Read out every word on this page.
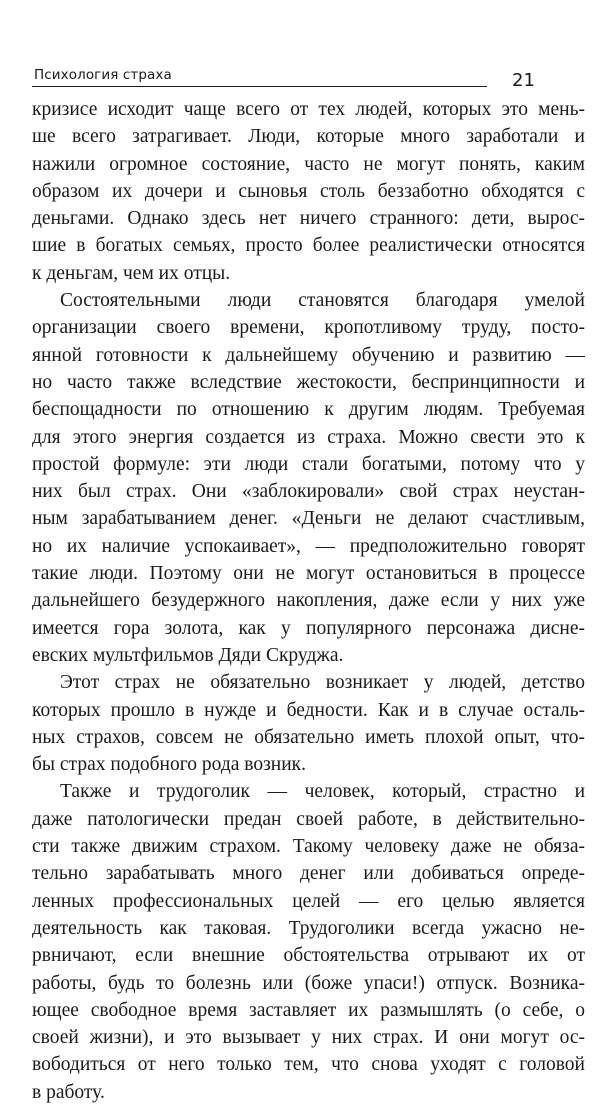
Психология страха	21
кризисе исходит чаще всего от тех людей, которых это мень-
ше всего затрагивает. Люди, которые много заработали и
нажили огромное состояние, часто не могут понять, каким
образом их дочери и сыновья столь беззаботно обходятся с
деньгами. Однако здесь нет ничего странного: дети, вырос-
шие в богатых семьях, просто более реалистически относятся
к деньгам, чем их отцы.
Состоятельными люди становятся благодаря умелой
организации своего времени, кропотливому труду, посто-
янной готовности к дальнейшему обучению и развитию —
но часто также вследствие жестокости, беспринципности и
беспощадности по отношению к другим людям. Требуемая
для этого энергия создается из страха. Можно свести это к
простой формуле: эти люди стали богатыми, потому что у
них был страх. Они «заблокировали» свой страх неустан-
ным зарабатыванием денег. «Деньги не делают счастливым,
но их наличие успокаивает», — предположительно говорят
такие люди. Поэтому они не могут остановиться в процессе
дальнейшего безудержного накопления, даже если у них уже
имеется гора золота, как у популярного персонажа диснe-
евских мультфильмов Дяди Скруджа.
Этот страх не обязательно возникает у людей, детство
которых прошло в нужде и бедности. Как и в случае осталь-
ных страхов, совсем не обязательно иметь плохой опыт, что-
бы страх подобного рода возник.
Также и трудоголик — человек, который, страстно и
даже патологически предан своей работе, в действительно-
сти также движим страхом. Такому человеку даже не обяза-
тельно зарабатывать много денег или добиваться опреде-
ленных профессиональных целей — его целью является
деятельность как таковая. Трудоголики всегда ужасно не-
рвничают, если внешние обстоятельства отрывают их от
работы, будь то болезнь или (боже упаси!) отпуск. Возника-
ющее свободное время заставляет их размышлять (о себе, о
своей жизни), и это вызывает у них страх. И они могут ос-
вободиться от него только тем, что снова уходят с головой
в работу.
